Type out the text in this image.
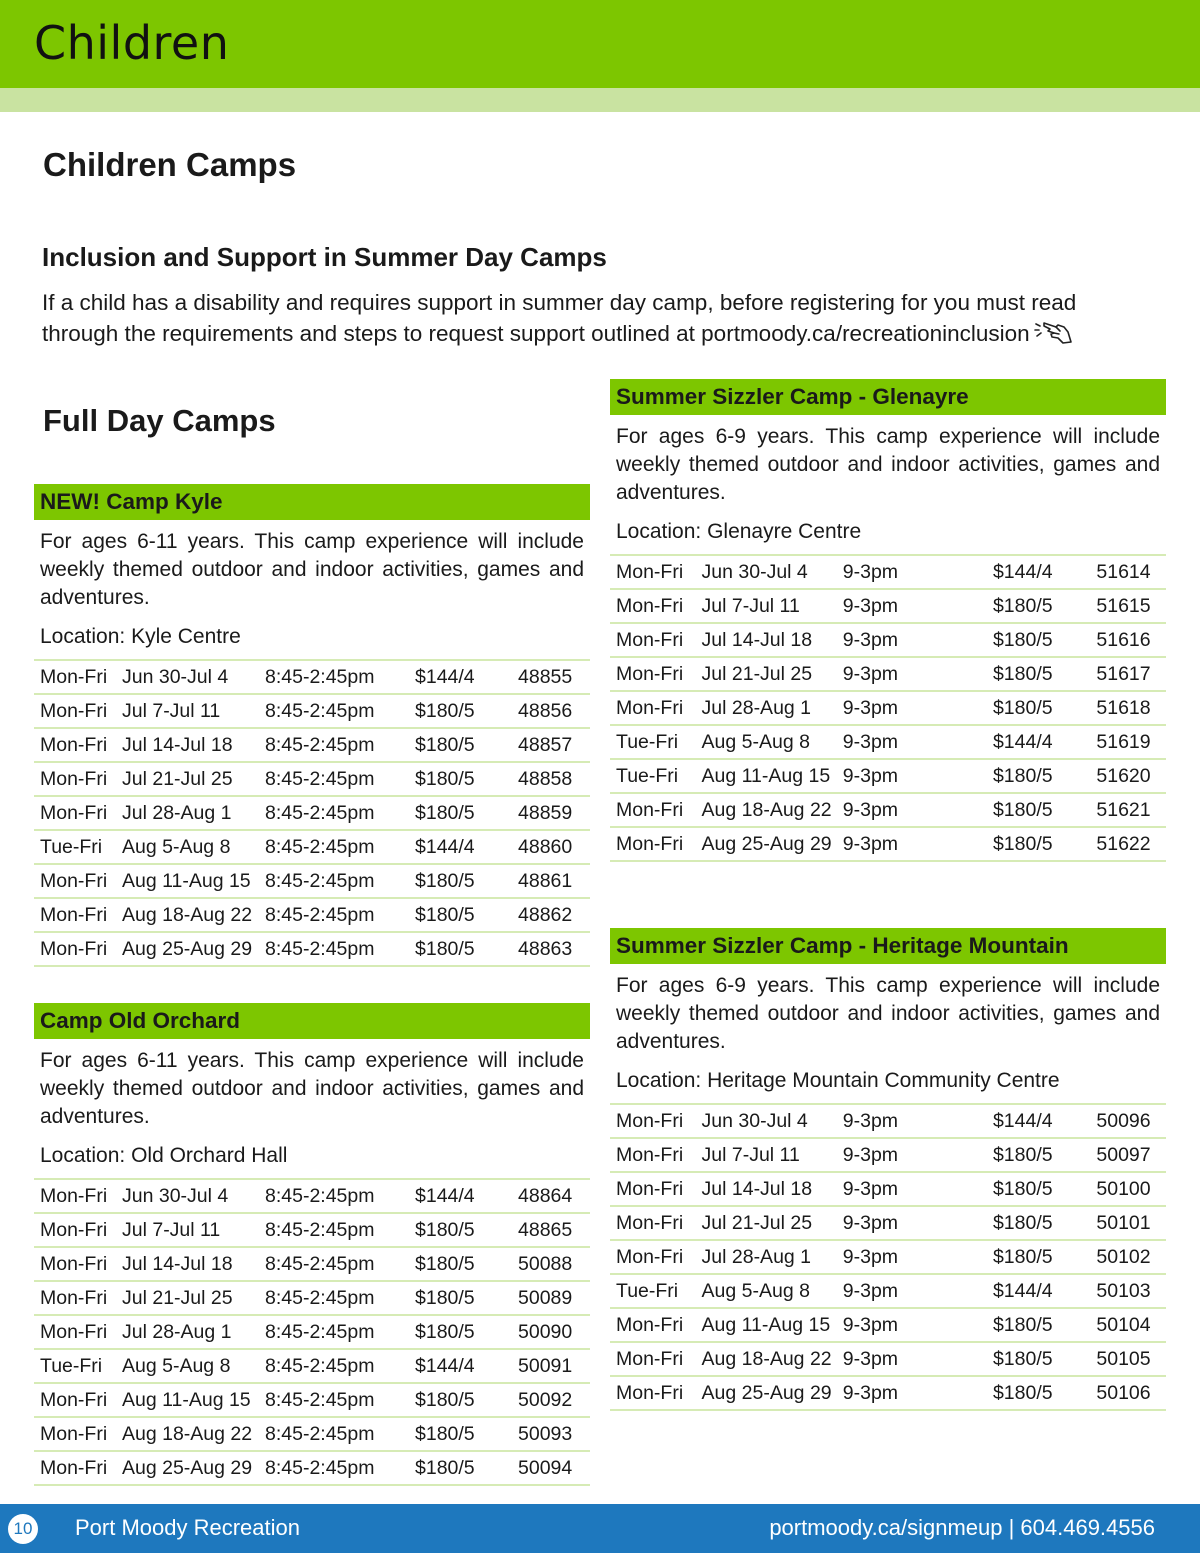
Children
Children Camps
Inclusion and Support in Summer Day Camps

If a child has a disability and requires support in summer day camp, before registering for you must read through the requirements and steps to request support outlined at portmoody.ca/recreationinclusion

Full Day Camps
NEW! Camp Kyle
For ages 6-11 years. This camp experience will include weekly themed outdoor and indoor activities, games and adventures.
Location: Kyle Centre
Mon-Fri Jun 30-Jul 4	8:45-2:45pm	$144/4	48855
Mon-Fri Jul 7-Jul 11	8:45-2:45pm	$180/5	48856
Mon-Fri Jul 14-Jul 18	8:45-2:45pm	$180/5	48857
Mon-Fri Jul 21-Jul 25	8:45-2:45pm	$180/5	48858
Mon-Fri Jul 28-Aug 1	8:45-2:45pm	$180/5	48859
Tue-Fri	Aug 5-Aug 8	8:45-2:45pm	$144/4	48860
Mon-Fri Aug 11-Aug 15 8:45-2:45pm	$180/5	48861
Mon-Fri Aug 18-Aug 22 8:45-2:45pm	$180/5	48862
Mon-Fri Aug 25-Aug 29 8:45-2:45pm	$180/5	48863
Camp Old Orchard
For ages 6-11 years. This camp experience will include weekly themed outdoor and indoor activities, games and adventures.
Location: Old Orchard Hall
Mon-Fri Jun 30-Jul 4	8:45-2:45pm	$144/4	48864
Mon-Fri Jul 7-Jul 11	8:45-2:45pm	$180/5	48865
Mon-Fri Jul 14-Jul 18	8:45-2:45pm	$180/5	50088
Mon-Fri Jul 21-Jul 25	8:45-2:45pm	$180/5	50089
Mon-Fri Jul 28-Aug 1	8:45-2:45pm	$180/5	50090
Tue-Fri	Aug 5-Aug 8	8:45-2:45pm	$144/4	50091
Mon-Fri Aug 11-Aug 15 8:45-2:45pm	$180/5	50092
Mon-Fri Aug 18-Aug 22 8:45-2:45pm	$180/5	50093
Mon-Fri Aug 25-Aug 29 8:45-2:45pm	$180/5	50094
Summer Sizzler Camp - Glenayre
For ages 6-9 years. This camp experience will include weekly themed outdoor and indoor activities, games and adventures.
Location: Glenayre Centre
Mon-Fri Jun 30-Jul 4	9-3pm	$144/4	51614
Mon-Fri Jul 7-Jul 11	9-3pm	$180/5	51615
Mon-Fri Jul 14-Jul 18	9-3pm	$180/5	51616
Mon-Fri Jul 21-Jul 25	9-3pm	$180/5	51617
Mon-Fri Jul 28-Aug 1	9-3pm	$180/5	51618
Tue-Fri	Aug 5-Aug 8	9-3pm	$144/4	51619
Tue-Fri	Aug 11-Aug 15 9-3pm	$180/5	51620
Mon-Fri Aug 18-Aug 22 9-3pm	$180/5	51621
Mon-Fri Aug 25-Aug 29 9-3pm	$180/5	51622
Summer Sizzler Camp - Heritage Mountain
For ages 6-9 years. This camp experience will include weekly themed outdoor and indoor activities, games and adventures.
Location: Heritage Mountain Community Centre
Mon-Fri Jun 30-Jul 4	9-3pm	$144/4	50096
Mon-Fri Jul 7-Jul 11	9-3pm	$180/5	50097
Mon-Fri Jul 14-Jul 18	9-3pm	$180/5	50100
Mon-Fri Jul 21-Jul 25	9-3pm	$180/5	50101
Mon-Fri Jul 28-Aug 1	9-3pm	$180/5	50102
Tue-Fri	Aug 5-Aug 8	9-3pm	$144/4	50103
Mon-Fri Aug 11-Aug 15 9-3pm	$180/5	50104
Mon-Fri Aug 18-Aug 22 9-3pm	$180/5	50105
Mon-Fri Aug 25-Aug 29 9-3pm	$180/5	50106
10 Port Moody Recreation	portmoody.ca/signmeup | 604.469.4556
